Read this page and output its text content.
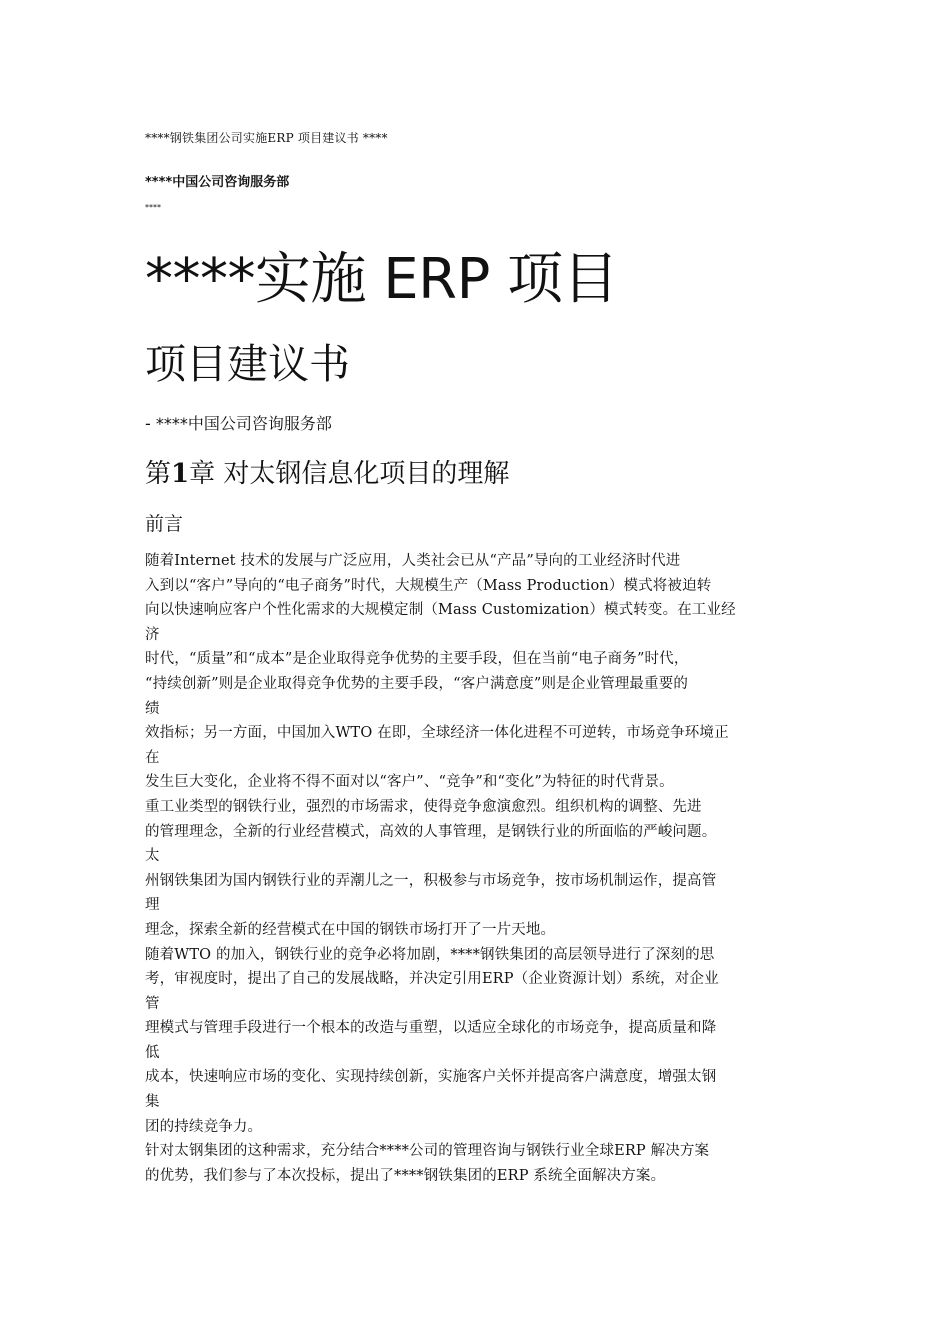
****钢铁集团公司实施ERP 项目建议书 ****
****中国公司咨询服务部
****
****实施 ERP 项目
项目建议书
- ****中国公司咨询服务部
第1章 对太钢信息化项目的理解
前言
随着Internet 技术的发展与广泛应用，人类社会已从“产品”导向的工业经济时代进
入到以“客户”导向的“电子商务”时代，大规模生产（Mass Production）模式将被迫转
向以快速响应客户个性化需求的大规模定制（Mass Customization）模式转变。在工业经
济
时代，“质量”和“成本”是企业取得竞争优势的主要手段，但在当前“电子商务”时代，
“持续创新”则是企业取得竞争优势的主要手段，“客户满意度”则是企业管理最重要的
绩
效指标；另一方面，中国加入WTO 在即，全球经济一体化进程不可逆转，市场竞争环境正
在
发生巨大变化，企业将不得不面对以“客户”、“竞争”和“变化”为特征的时代背景。
重工业类型的钢铁行业，强烈的市场需求，使得竞争愈演愈烈。组织机构的调整、先进
的管理理念，全新的行业经营模式，高效的人事管理，是钢铁行业的所面临的严峻问题。
太
州钢铁集团为国内钢铁行业的弄潮儿之一，积极参与市场竞争，按市场机制运作，提高管
理
理念，探索全新的经营模式在中国的钢铁市场打开了一片天地。
随着WTO 的加入，钢铁行业的竞争必将加剧，****钢铁集团的高层领导进行了深刻的思
考，审视度时，提出了自己的发展战略，并决定引用ERP（企业资源计划）系统，对企业
管
理模式与管理手段进行一个根本的改造与重塑，以适应全球化的市场竞争，提高质量和降
低
成本，快速响应市场的变化、实现持续创新，实施客户关怀并提高客户满意度，增强太钢
集
团的持续竞争力。
针对太钢集团的这种需求，充分结合****公司的管理咨询与钢铁行业全球ERP 解决方案
的优势，我们参与了本次投标，提出了****钢铁集团的ERP 系统全面解决方案。
